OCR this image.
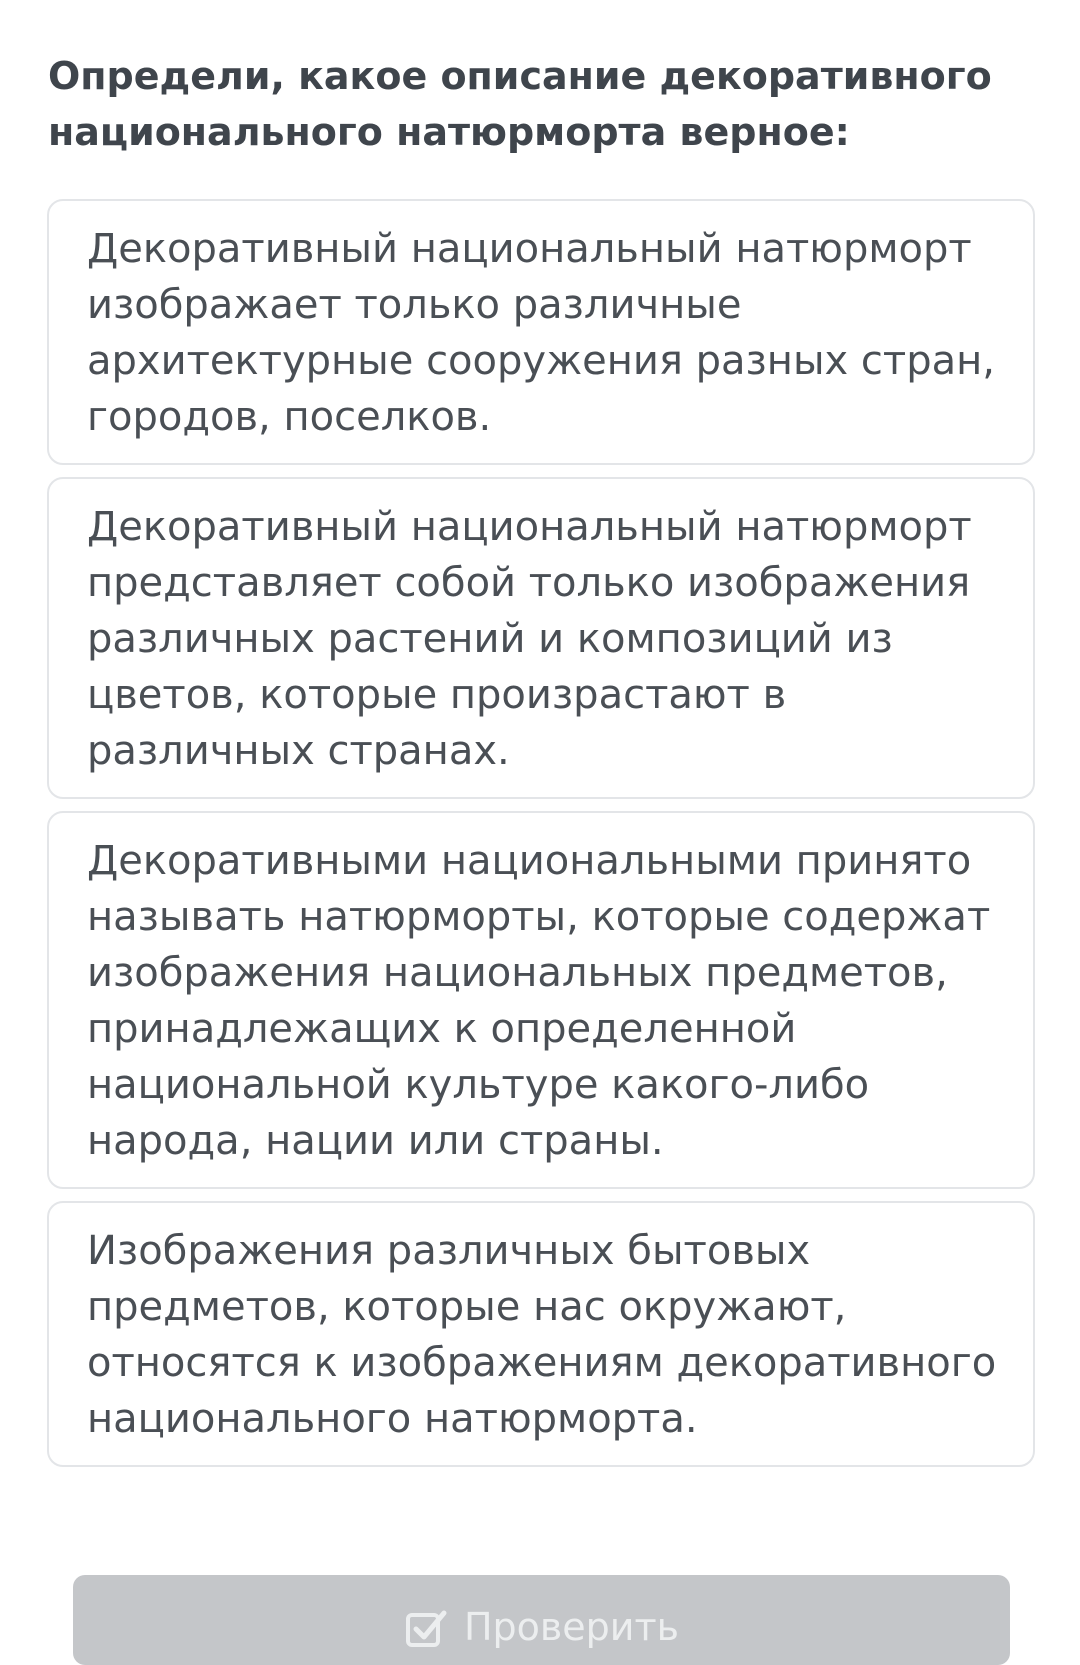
Определи, какое описание декоративного национального натюрморта верное:
Декоративный национальный натюрморт изображает только различные архитектурные сооружения разных стран, городов, поселков.
Декоративный национальный натюрморт представляет собой только изображения различных растений и композиций из цветов, которые произрастают в различных странах.
Декоративными национальными принято называть натюрморты, которые содержат изображения национальных предметов, принадлежащих к определенной национальной культуре какого-либо народа, нации или страны.
Изображения различных бытовых предметов, которые нас окружают, относятся к изображениям декоративного национального натюрморта.
Проверить
